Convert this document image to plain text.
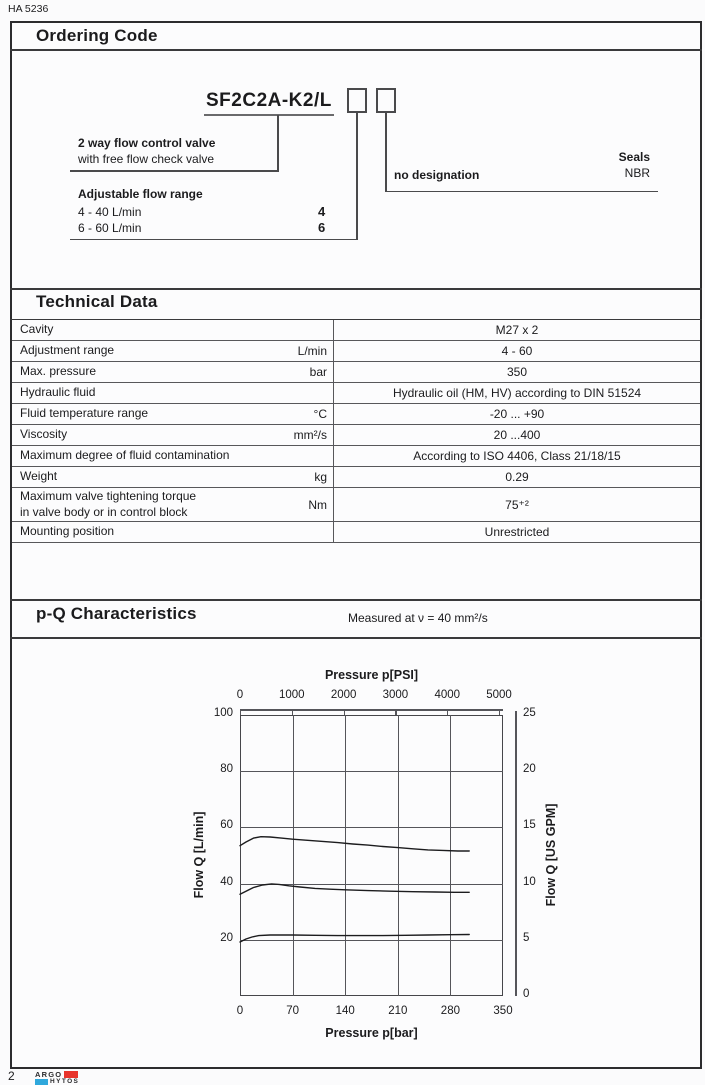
HA 5236
Ordering Code
SF2C2A-K2/L
2 way flow control valve
with free flow check valve
Adjustable flow range
4 - 40 L/min	4
6 - 60 L/min	6
no designation
Seals
NBR
Technical Data
Cavity	M27 x 2
Adjustment range	L/min	4 - 60
Max. pressure	bar	350
Hydraulic fluid	Hydraulic oil (HM, HV) according to DIN 51524
Fluid temperature range	°C	-20 ... +90
Viscosity	mm²/s	20 ...400
Maximum degree of fluid contamination	According to ISO 4406, Class 21/18/15
Weight	kg	0.29
Maximum valve tightening torque
in valve body or in control block	Nm	75⁺²
Mounting position	Unrestricted
p-Q Characteristics	Measured at ν = 40 mm²/s
Pressure p[PSI]
Flow Q [L/min]	Flow Q [US GPM]
Pressure p[bar]
0	1000	2000	3000	4000	5000
0	70	140	210	280	350
20
40
60
80
100
0
5
10
15
20
25
2	ARGO
HYTOS
